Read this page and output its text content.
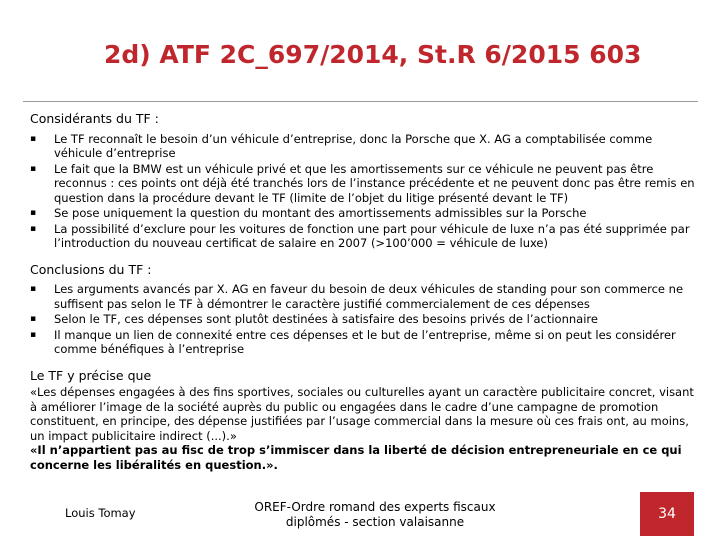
2d) ATF 2C_697/2014, St.R 6/2015 603
Considérants du TF :
▪ Le TF reconnaît le besoin d’un véhicule d’entreprise, donc la Porsche que X. AG a comptabilisée comme véhicule d’entreprise
▪ Le fait que la BMW est un véhicule privé et que les amortissements sur ce véhicule ne peuvent pas être reconnus : ces points ont déjà été tranchés lors de l’instance précédente et ne peuvent donc pas être remis en question dans la procédure devant le TF (limite de l’objet du litige présenté devant le TF)
▪ Se pose uniquement la question du montant des amortissements admissibles sur la Porsche
▪ La possibilité d’exclure pour les voitures de fonction une part pour véhicule de luxe n’a pas été supprimée par l’introduction du nouveau certificat de salaire en 2007 (>100’000 = véhicule de luxe)
Conclusions du TF :
▪ Les arguments avancés par X. AG en faveur du besoin de deux véhicules de standing pour son commerce ne suffisent pas selon le TF à démontrer le caractère justifié commercialement de ces dépenses
▪ Selon le TF, ces dépenses sont plutôt destinées à satisfaire des besoins privés de l’actionnaire
▪ Il manque un lien de connexité entre ces dépenses et le but de l’entreprise, même si on peut les considérer comme bénéfiques à l’entreprise
Le TF y précise que

«Les dépenses engagées à des fins sportives, sociales ou culturelles ayant un caractère publicitaire concret, visant à améliorer l’image de la société auprès du public ou engagées dans le cadre d’une campagne de promotion constituent, en principe, des dépense justifiées par l’usage commercial dans la mesure où ces frais ont, au moins, un impact publicitaire indirect (...).»

«Il n’appartient pas au fisc de trop s’immiscer dans la liberté de décision entrepreneuriale en ce qui concerne les libéralités en question.».

Louis Tomay	OREF-Ordre romand des experts fiscaux
diplômés - section valaisanne	34
